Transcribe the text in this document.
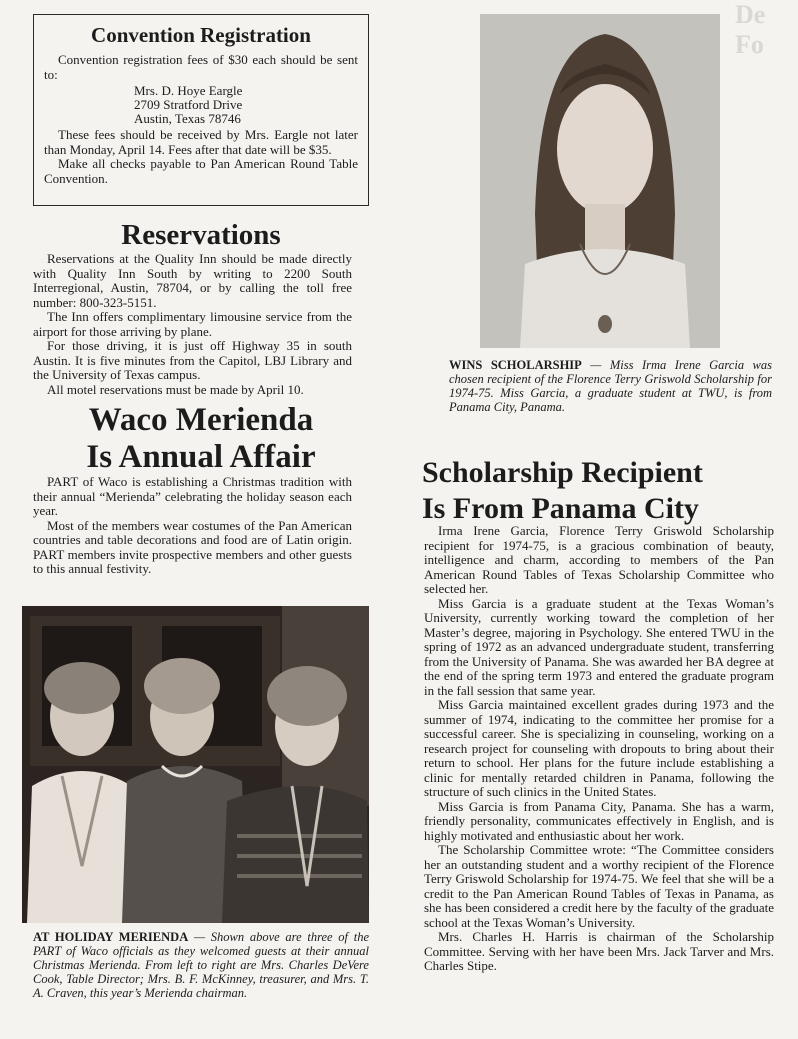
De
Fo
Convention Registration

Convention registration fees of $30 each should be sent to:

Mrs. D. Hoye Eargle
2709 Stratford Drive
Austin, Texas 78746

These fees should be received by Mrs. Eargle not later than Monday, April 14. Fees after that date will be $35.

Make all checks payable to Pan American Round Table Convention.

Reservations

Reservations at the Quality Inn should be made directly with Quality Inn South by writing to 2200 South Interregional, Austin, 78704, or by calling the toll free number: 800-323-5151.

The Inn offers complimentary limousine service from the airport for those arriving by plane.

For those driving, it is just off Highway 35 in south Austin. It is five minutes from the Capitol, LBJ Library and the University of Texas campus.

All motel reservations must be made by April 10.

Waco Merienda
Is Annual Affair

PART of Waco is establishing a Christmas tradition with their annual “Merienda” celebrating the holiday season each year.

Most of the members wear costumes of the Pan American countries and table decorations and food are of Latin origin. PART members invite prospective members and other guests to this annual festivity.

AT HOLIDAY MERIENDA — Shown above are three of the PART of Waco officials as they welcomed guests at their annual Christmas Merienda. From left to right are Mrs. Charles DeVere Cook, Table Director; Mrs. B. F. McKinney, treasurer, and Mrs. T. A. Craven, this year’s Merienda chairman.
WINS SCHOLARSHIP — Miss Irma Irene Garcia was chosen recipient of the Florence Terry Griswold Scholarship for 1974-75. Miss Garcia, a graduate student at TWU, is from Panama City, Panama.
Scholarship Recipient
Is From Panama City

Irma Irene Garcia, Florence Terry Griswold Scholarship recipient for 1974-75, is a gracious combination of beauty, intelligence and charm, according to members of the Pan American Round Tables of Texas Scholarship Committee who selected her.

Miss Garcia is a graduate student at the Texas Woman’s University, currently working toward the completion of her Master’s degree, majoring in Psychology. She entered TWU in the spring of 1972 as an advanced undergraduate student, transferring from the University of Panama. She was awarded her BA degree at the end of the spring term 1973 and entered the graduate program in the fall session that same year.

Miss Garcia maintained excellent grades during 1973 and the summer of 1974, indicating to the committee her promise for a successful career. She is specializing in counseling, working on a research project for counseling with dropouts to bring about their return to school. Her plans for the future include establishing a clinic for mentally retarded children in Panama, following the structure of such clinics in the United States.

Miss Garcia is from Panama City, Panama. She has a warm, friendly personality, communicates effectively in English, and is highly motivated and enthusiastic about her work.

The Scholarship Committee wrote: “The Committee considers her an outstanding student and a worthy recipient of the Florence Terry Griswold Scholarship for 1974-75. We feel that she will be a credit to the Pan American Round Tables of Texas in Panama, as she has been considered a credit here by the faculty of the graduate school at the Texas Woman’s University.

Mrs. Charles H. Harris is chairman of the Scholarship Committee. Serving with her have been Mrs. Jack Tarver and Mrs. Charles Stipe.
